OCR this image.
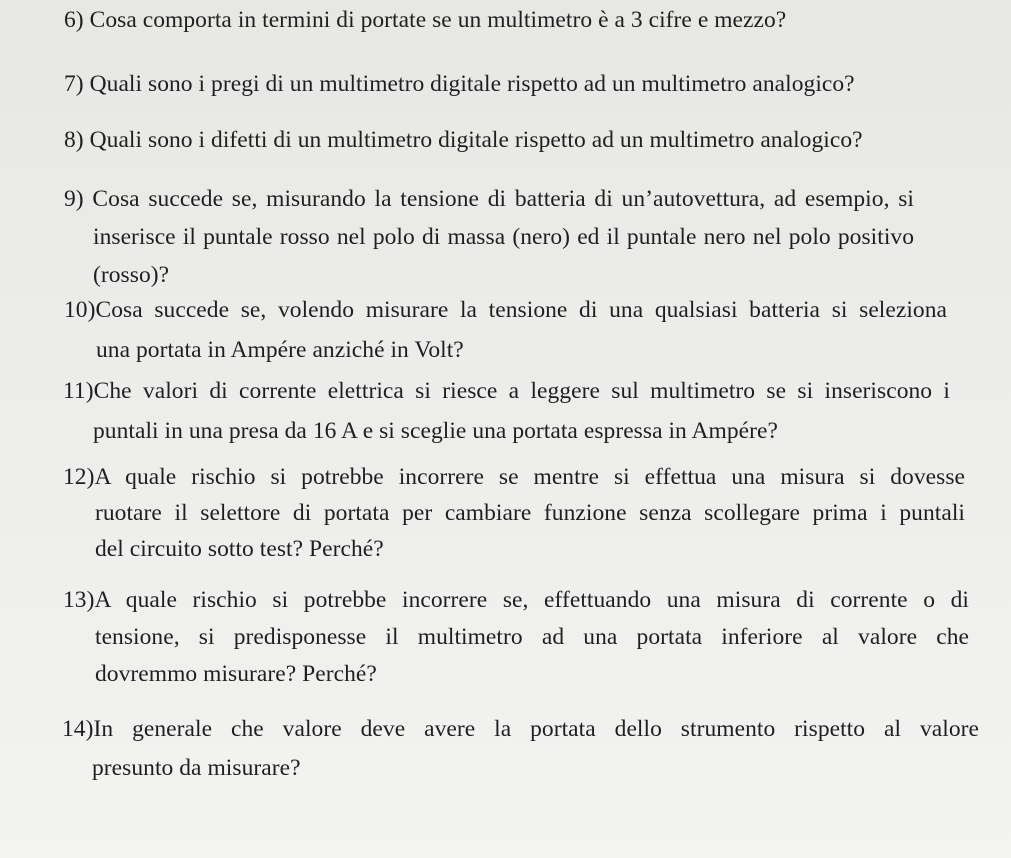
6) Cosa comporta in termini di portate se un multimetro è a 3 cifre e mezzo?
7) Quali sono i pregi di un multimetro digitale rispetto ad un multimetro analogico?
8) Quali sono i difetti di un multimetro digitale rispetto ad un multimetro analogico?
9) Cosa succede se, misurando la tensione di batteria di un’autovettura, ad esempio, si
inserisce il puntale rosso nel polo di massa (nero) ed il puntale nero nel polo positivo
(rosso)?
10)Cosa succede se, volendo misurare la tensione di una qualsiasi batteria si seleziona
una portata in Ampére anziché in Volt?
11)Che valori di corrente elettrica si riesce a leggere sul multimetro se si inseriscono i
puntali in una presa da 16 A e si sceglie una portata espressa in Ampére?
12)A quale rischio si potrebbe incorrere se mentre si effettua una misura si dovesse
ruotare il selettore di portata per cambiare funzione senza scollegare prima i puntali
del circuito sotto test? Perché?
13)A quale rischio si potrebbe incorrere se, effettuando una misura di corrente o di
tensione, si predisponesse il multimetro ad una portata inferiore al valore che
dovremmo misurare? Perché?
14)In generale che valore deve avere la portata dello strumento rispetto al valore
presunto da misurare?
